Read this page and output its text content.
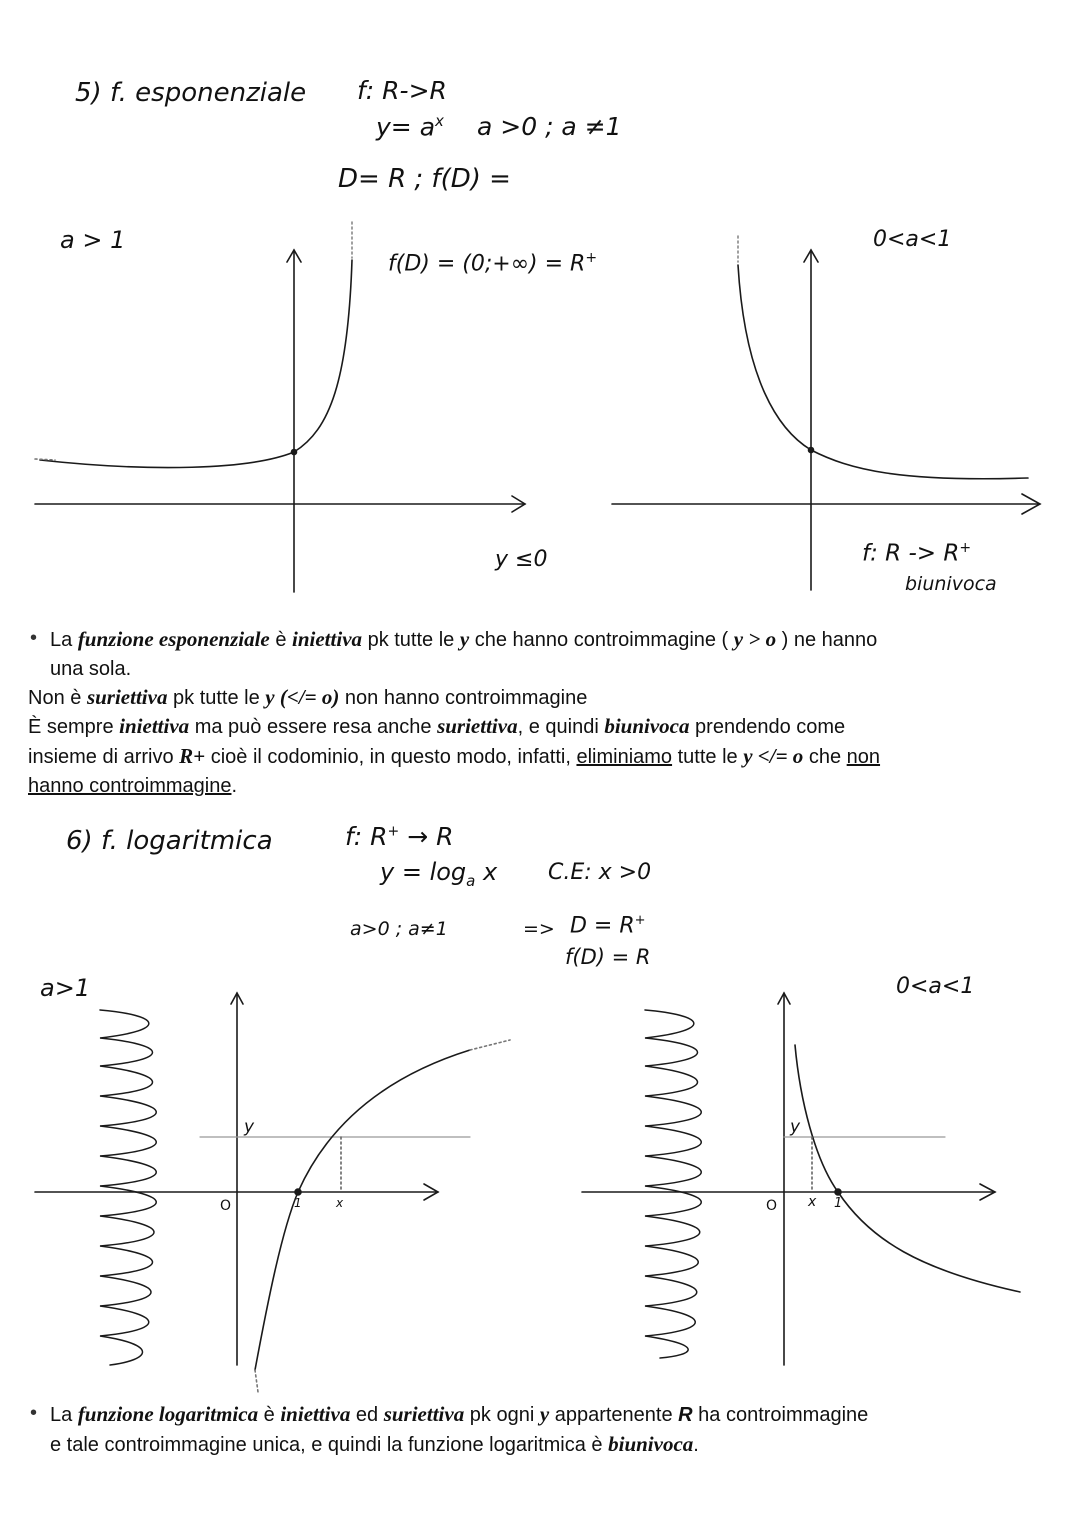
5) f. esponenziale f: R->R
$y= a^x$ a >0 ; a ≠1
D= R ; f(D) =
a > 1
f(D) = (0;+∞) = R+
0<a<1
y ≤0	f: R -> R+
biunivoca
• La funzione esponenziale è iniettiva pk tutte le y che hanno controimmagine ( y > o ) ne hanno
una sola.
Non è suriettiva pk tutte le y (</= o) non hanno controimmagine
È sempre iniettiva ma può essere resa anche suriettiva, e quindi biunivoca prendendo come
insieme di arrivo R+ cioè il codominio, in questo modo, infatti, eliminiamo tutte le y </= o che non
hanno controimmagine.
6) f. logaritmica	f: R+ → R
$y = \log_a x$ C.E: x >0
a>0 ; a≠1	=> D = R+
f(D) = R
a>1	0<a<1
y
O	1	x
y
O x 1
• La funzione logaritmica è iniettiva ed suriettiva pk ogni y appartenente R ha controimmagine
e tale controimmagine unica, e quindi la funzione logaritmica è biunivoca.
